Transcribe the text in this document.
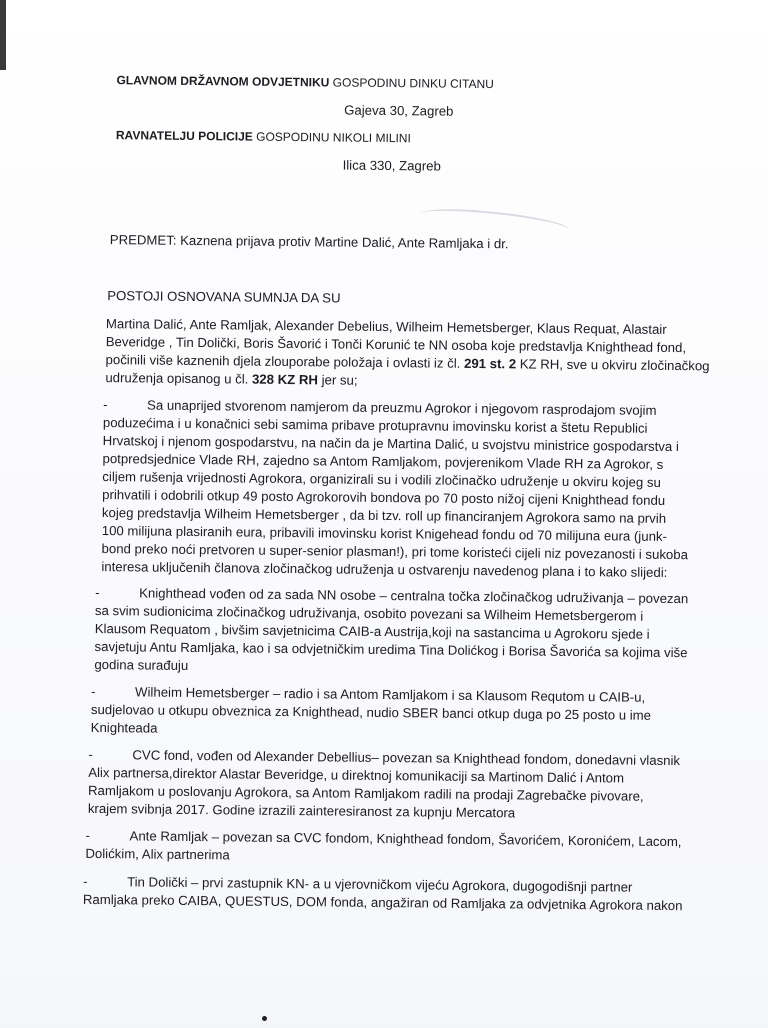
GLAVNOM DRŽAVNOM ODVJETNIKU GOSPODINU DINKU CITANU
Gajeva 30, Zagreb
RAVNATELJU POLICIJE GOSPODINU NIKOLI MILINI
Ilica 330, Zagreb
PREDMET: Kaznena prijava protiv Martine Dalić, Ante Ramljaka i dr.
POSTOJI OSNOVANA SUMNJA DA SU
Martina Dalić, Ante Ramljak, Alexander Debelius, Wilheim Hemetsberger, Klaus Requat, Alastair
Beveridge , Tin Dolički, Boris Šavorić i Tonči Korunić te NN osoba koje predstavlja Knighthead fond,
počinili više kaznenih djela zlouporabe položaja i ovlasti iz čl. 291 st. 2 KZ RH, sve u okviru zločinačkog
udruženja opisanog u čl. 328 KZ RH jer su;
-	Sa unaprijed stvorenom namjerom da preuzmu Agrokor i njegovom rasprodajom svojim
poduzećima i u konačnici sebi samima pribave protupravnu imovinsku korist a štetu Republici
Hrvatskoj i njenom gospodarstvu, na način da je Martina Dalić, u svojstvu ministrice gospodarstva i
potpredsjednice Vlade RH, zajedno sa Antom Ramljakom, povjerenikom Vlade RH za Agrokor, s
ciljem rušenja vrijednosti Agrokora, organizirali su i vodili zločinačko udruženje u okviru kojeg su
prihvatili i odobrili otkup 49 posto Agrokorovih bondova po 70 posto nižoj cijeni Knighthead fondu
kojeg predstavlja Wilheim Hemetsberger , da bi tzv. roll up financiranjem Agrokora samo na prvih
100 milijuna plasiranih eura, pribavili imovinsku korist Knigehead fondu od 70 milijuna eura (junk-
bond preko noći pretvoren u super-senior plasman!), pri tome koristeći cijeli niz povezanosti i sukoba
interesa uključenih članova zločinačkog udruženja u ostvarenju navedenog plana i to kako slijedi:
-	Knighthead vođen od za sada NN osobe – centralna točka zločinačkog udruživanja – povezan
sa svim sudionicima zločinačkog udruživanja, osobito povezani sa Wilheim Hemetsbergerom i
Klausom Requatom , bivšim savjetnicima CAIB-a Austrija,koji na sastancima u Agrokoru sjede i
savjetuju Antu Ramljaka, kao i sa odvjetničkim uredima Tina Dolićkog i Borisa Šavorića sa kojima više
godina surađuju
-	Wilheim Hemetsberger – radio i sa Antom Ramljakom i sa Klausom Requtom u CAIB-u,
sudjelovao u otkupu obveznica za Knighthead, nudio SBER banci otkup duga po 25 posto u ime
Knighteada
-	CVC fond, vođen od Alexander Debellius– povezan sa Knighthead fondom, donedavni vlasnik
Alix partnersa,direktor Alastar Beveridge, u direktnoj komunikaciji sa Martinom Dalić i Antom
Ramljakom u poslovanju Agrokora, sa Antom Ramljakom radili na prodaji Zagrebačke pivovare,
krajem svibnja 2017. Godine izrazili zainteresiranost za kupnju Mercatora
-	Ante Ramljak – povezan sa CVC fondom, Knighthead fondom, Šavorićem, Koronićem, Lacom,
Dolićkim, Alix partnerima
-	Tin Dolički – prvi zastupnik KN- a u vjerovničkom vijeću Agrokora, dugogodišnji partner
Ramljaka preko CAIBA, QUESTUS, DOM fonda, angažiran od Ramljaka za odvjetnika Agrokora nakon
